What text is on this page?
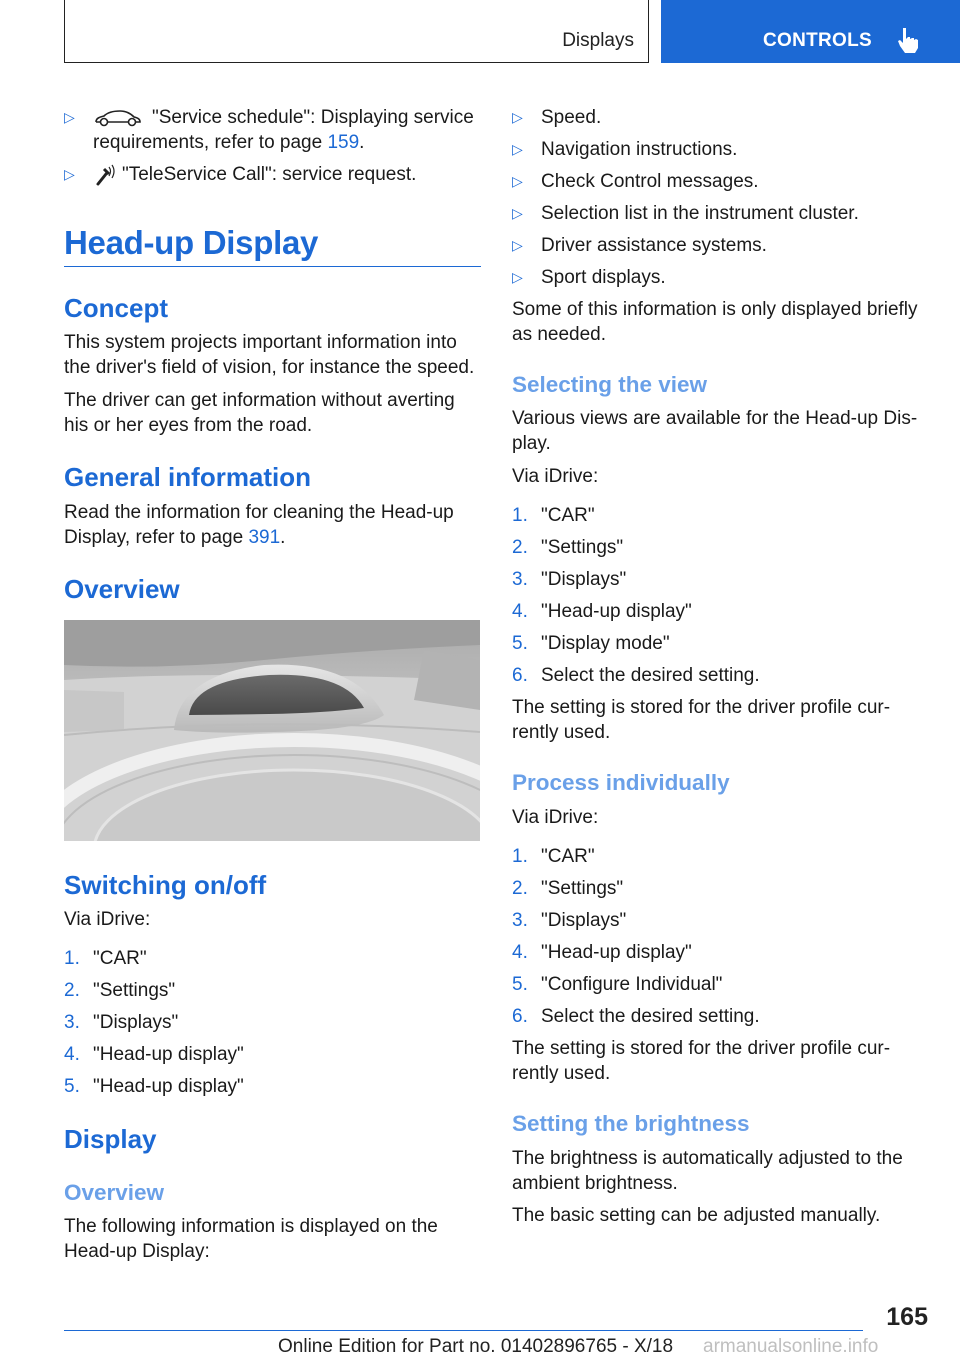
Displays	CONTROLS
▷	"Service schedule": Displaying service
requirements, refer to page 159.
▷ "TeleService Call": service request.
Head-up Display
Concept
This system projects important information into
the driver's field of vision, for instance the speed.
The driver can get information without averting
his or her eyes from the road.
General information
Read the information for cleaning the Head-up
Display, refer to page 391.
Overview
Switching on/off
Via iDrive:
1. "CAR"
2. "Settings"
3. "Displays"
4. "Head-up display"
5. "Head-up display"
Display
Overview
The following information is displayed on the
Head-up Display:
▷ Speed.
▷ Navigation instructions.
▷ Check Control messages.
▷ Selection list in the instrument cluster.
▷ Driver assistance systems.
▷ Sport displays.
Some of this information is only displayed briefly
as needed.
Selecting the view
Various views are available for the Head-up Dis-
play.
Via iDrive:
1. "CAR"
2. "Settings"
3. "Displays"
4. "Head-up display"
5. "Display mode"
6. Select the desired setting.
The setting is stored for the driver profile cur-
rently used.
Process individually
Via iDrive:
1. "CAR"
2. "Settings"
3. "Displays"
4. "Head-up display"
5. "Configure Individual"
6. Select the desired setting.
The setting is stored for the driver profile cur-
rently used.
Setting the brightness
The brightness is automatically adjusted to the
ambient brightness.
The basic setting can be adjusted manually.
165
Online Edition for Part no. 01402896765 - X/18 armanualsonline.info
